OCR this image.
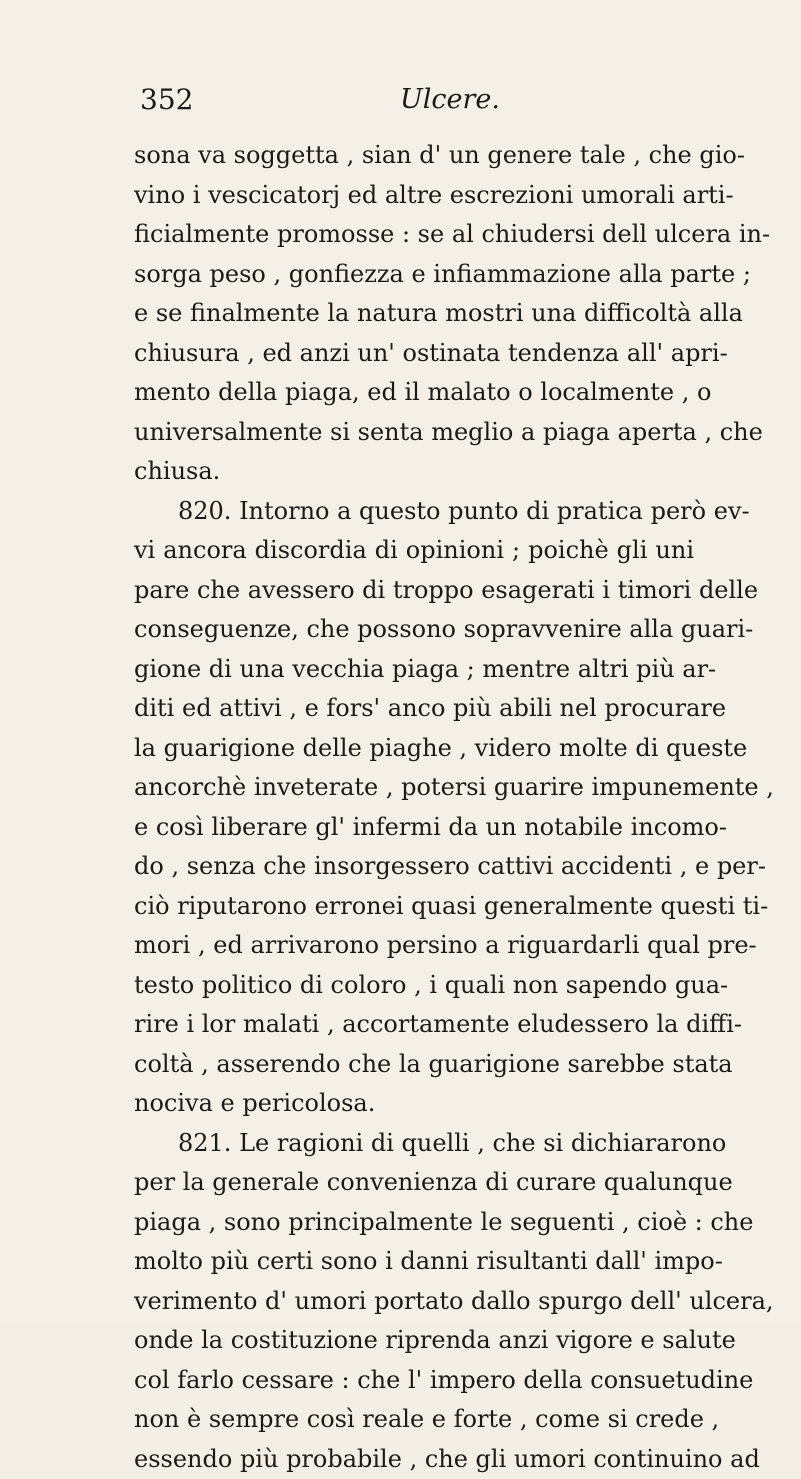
352	Ulcere.
sona va soggetta , sian d' un genere tale , che gio-
vino i vescicatorj ed altre escrezioni umorali arti-
ficialmente promosse : se al chiudersi dell ulcera in-
sorga peso , gonfiezza e infiammazione alla parte ;
e se finalmente la natura mostri una difficoltà alla
chiusura , ed anzi un' ostinata tendenza all' apri-
mento della piaga, ed il malato o localmente , o
universalmente si senta meglio a piaga aperta , che
chiusa.
820. Intorno a questo punto di pratica però ev-
vi ancora discordia di opinioni ; poichè gli uni
pare che avessero di troppo esagerati i timori delle
conseguenze, che possono sopravvenire alla guari-
gione di una vecchia piaga ; mentre altri più ar-
diti ed attivi , e fors' anco più abili nel procurare
la guarigione delle piaghe , videro molte di queste
ancorchè inveterate , potersi guarire impunemente ,
e così liberare gl' infermi da un notabile incomo-
do , senza che insorgessero cattivi accidenti , e per-
ciò riputarono erronei quasi generalmente questi ti-
mori , ed arrivarono persino a riguardarli qual pre-
testo politico di coloro , i quali non sapendo gua-
rire i lor malati , accortamente eludessero la diffi-
coltà , asserendo che la guarigione sarebbe stata
nociva e pericolosa.
821. Le ragioni di quelli , che si dichiararono
per la generale convenienza di curare qualunque
piaga , sono principalmente le seguenti , cioè : che
molto più certi sono i danni risultanti dall' impo-
verimento d' umori portato dallo spurgo dell' ulcera,
onde la costituzione riprenda anzi vigore e salute
col farlo cessare : che l' impero della consuetudine
non è sempre così reale e forte , come si crede ,
essendo più probabile , che gli umori continuino ad
